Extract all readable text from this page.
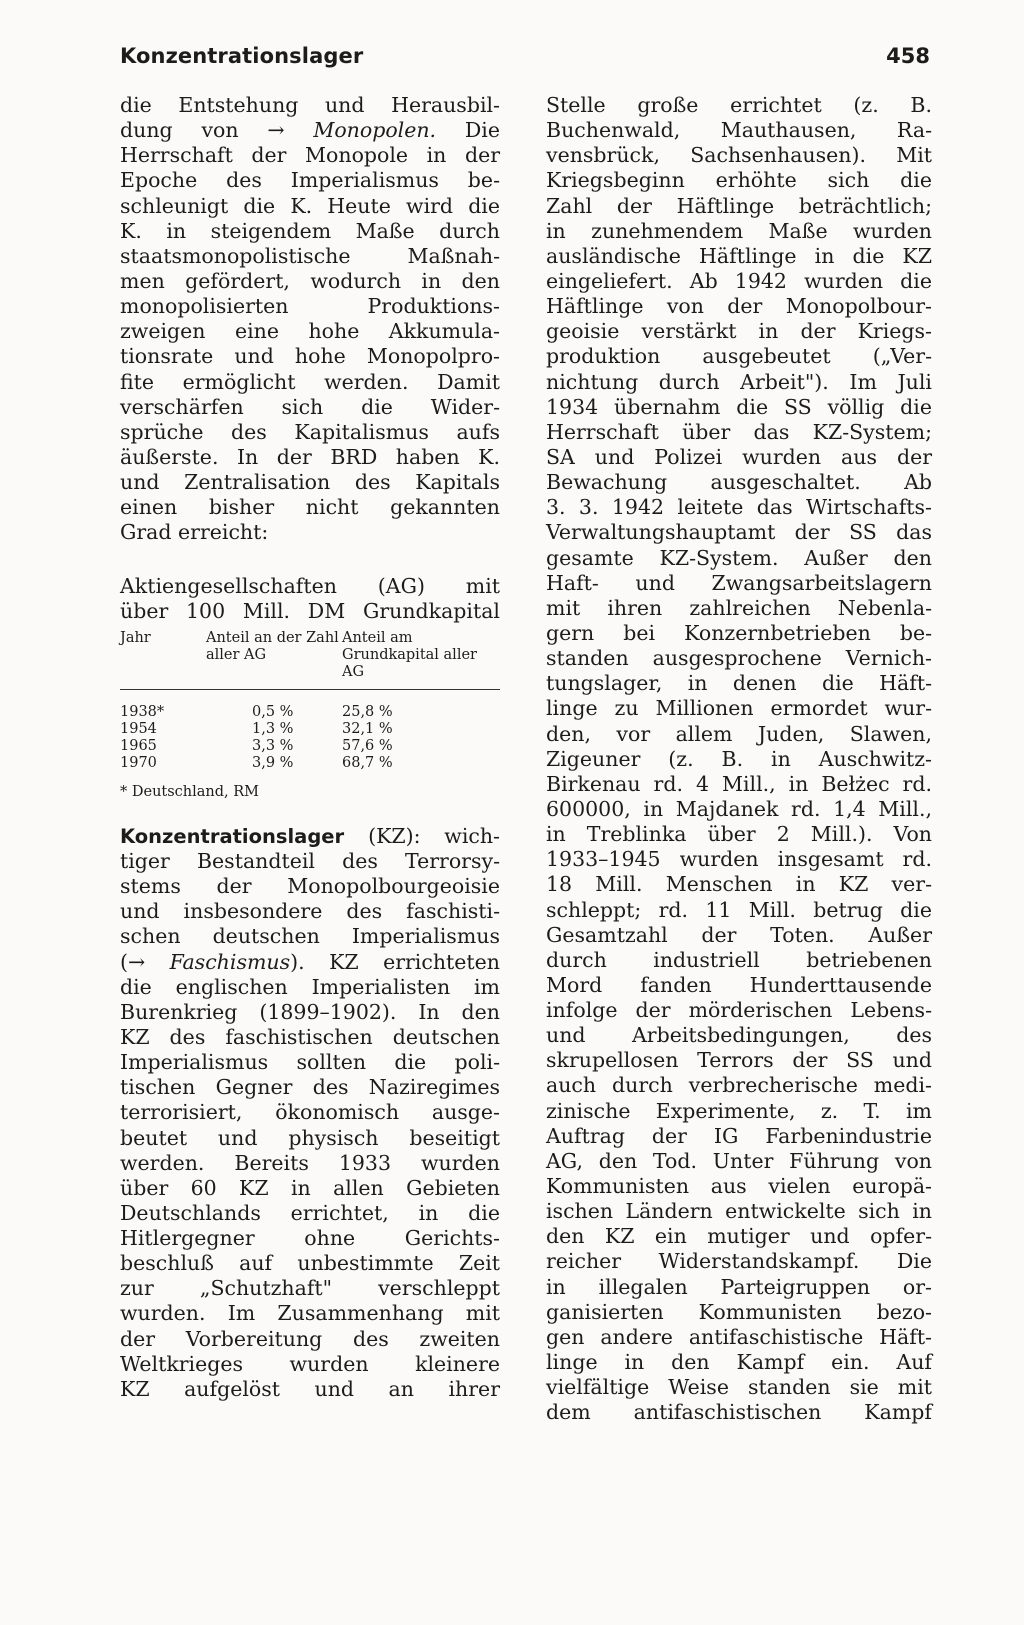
Konzentrationslager	458
die Entstehung und Herausbil-
dung von → Monopolen. Die
Herrschaft der Monopole in der
Epoche des Imperialismus be-
schleunigt die K. Heute wird die
K. in steigendem Maße durch
staatsmonopolistische Maßnah-
men gefördert, wodurch in den
monopolisierten Produktions-
zweigen eine hohe Akkumula-
tionsrate und hohe Monopolpro-
fite ermöglicht werden. Damit
verschärfen sich die Wider-
sprüche des Kapitalismus aufs
äußerste. In der BRD haben K.
und Zentralisation des Kapitals
einen bisher nicht gekannten
Grad erreicht:
Aktiengesellschaften (AG) mit
über 100 Mill. DM Grundkapital
Jahr	Anteil an der Zahl aller AG	Anteil am Grundkapital aller AG
1938*	0,5 %	25,8 %
1954	1,3 %	32,1 %
1965	3,3 %	57,6 %
1970	3,9 %	68,7 %
* Deutschland, RM
Konzentrationslager (KZ): wich-
tiger Bestandteil des Terrorsy-
stems der Monopolbourgeoisie
und insbesondere des faschisti-
schen deutschen Imperialismus
(→ Faschismus). KZ errichteten
die englischen Imperialisten im
Burenkrieg (1899–1902). In den
KZ des faschistischen deutschen
Imperialismus sollten die poli-
tischen Gegner des Naziregimes
terrorisiert, ökonomisch ausge-
beutet und physisch beseitigt
werden. Bereits 1933 wurden
über 60 KZ in allen Gebieten
Deutschlands errichtet, in die
Hitlergegner ohne Gerichts-
beschluß auf unbestimmte Zeit
zur „Schutzhaft" verschleppt
wurden. Im Zusammenhang mit
der Vorbereitung des zweiten
Weltkrieges wurden kleinere
KZ aufgelöst und an ihrer
Stelle große errichtet (z. B.
Buchenwald, Mauthausen, Ra-
vensbrück, Sachsenhausen). Mit
Kriegsbeginn erhöhte sich die
Zahl der Häftlinge beträchtlich;
in zunehmendem Maße wurden
ausländische Häftlinge in die KZ
eingeliefert. Ab 1942 wurden die
Häftlinge von der Monopolbour-
geoisie verstärkt in der Kriegs-
produktion ausgebeutet („Ver-
nichtung durch Arbeit"). Im Juli
1934 übernahm die SS völlig die
Herrschaft über das KZ-System;
SA und Polizei wurden aus der
Bewachung ausgeschaltet. Ab
3. 3. 1942 leitete das Wirtschafts-
Verwaltungshauptamt der SS das
gesamte KZ-System. Außer den
Haft- und Zwangsarbeitslagern
mit ihren zahlreichen Nebenla-
gern bei Konzernbetrieben be-
standen ausgesprochene Vernich-
tungslager, in denen die Häft-
linge zu Millionen ermordet wur-
den, vor allem Juden, Slawen,
Zigeuner (z. B. in Auschwitz-
Birkenau rd. 4 Mill., in Bełżec rd.
600000, in Majdanek rd. 1,4 Mill.,
in Treblinka über 2 Mill.). Von
1933–1945 wurden insgesamt rd.
18 Mill. Menschen in KZ ver-
schleppt; rd. 11 Mill. betrug die
Gesamtzahl der Toten. Außer
durch industriell betriebenen
Mord fanden Hunderttausende
infolge der mörderischen Lebens-
und Arbeitsbedingungen, des
skrupellosen Terrors der SS und
auch durch verbrecherische medi-
zinische Experimente, z. T. im
Auftrag der IG Farbenindustrie
AG, den Tod. Unter Führung von
Kommunisten aus vielen europä-
ischen Ländern entwickelte sich in
den KZ ein mutiger und opfer-
reicher Widerstandskampf. Die
in illegalen Parteigruppen or-
ganisierten Kommunisten bezo-
gen andere antifaschistische Häft-
linge in den Kampf ein. Auf
vielfältige Weise standen sie mit
dem antifaschistischen Kampf
